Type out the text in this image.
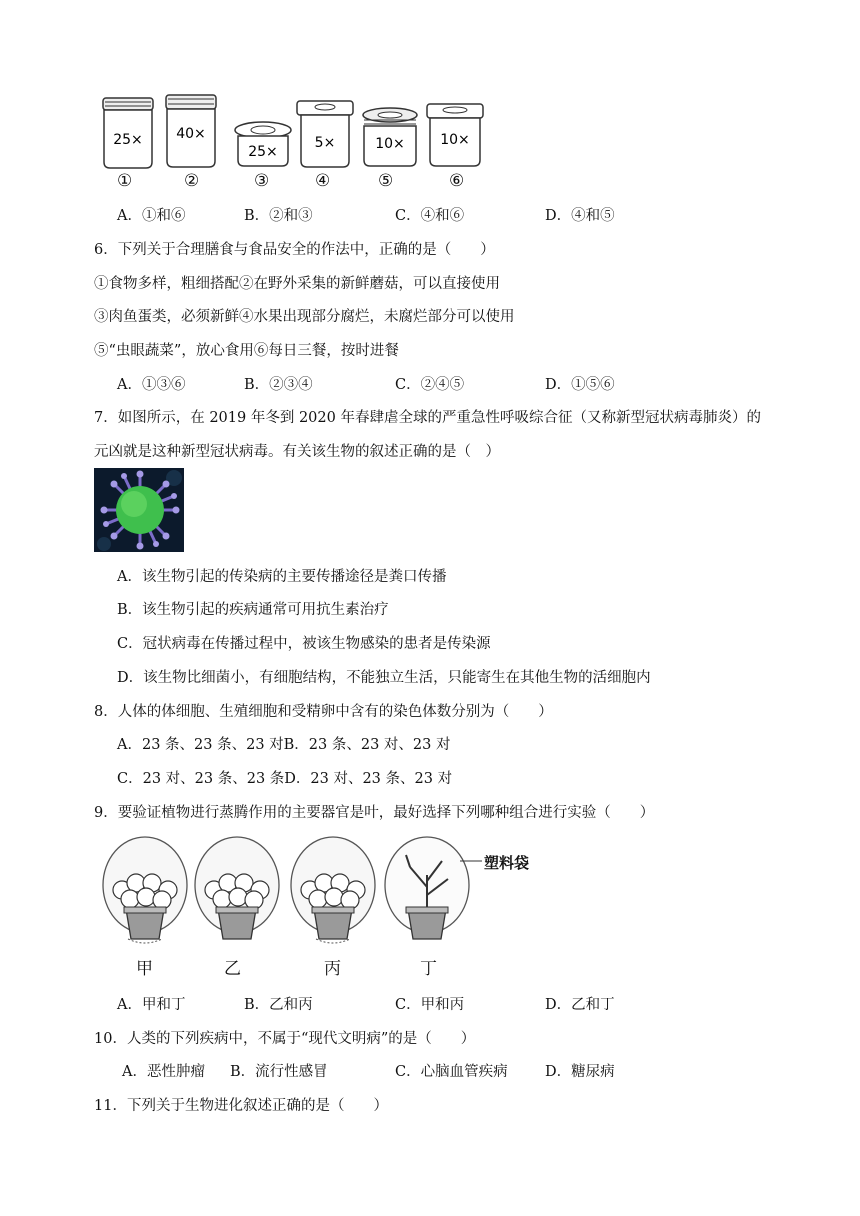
25× 40×
25×
5×	10×	10×
①	②	③	④	⑤	⑥
A．①和⑥	B．②和③	C．④和⑥	D．④和⑤
6．下列关于合理膳食与食品安全的作法中，正确的是（　　）
①食物多样，粗细搭配②在野外采集的新鲜蘑菇，可以直接使用
③肉鱼蛋类，必须新鲜④水果出现部分腐烂，未腐烂部分可以使用
⑤“虫眼蔬菜”，放心食用⑥每日三餐，按时进餐
A．①③⑥	B．②③④	C．②④⑤	D．①⑤⑥
7．如图所示，在 2019 年冬到 2020 年春肆虐全球的严重急性呼吸综合征（又称新型冠状病毒肺炎）的
元凶就是这种新型冠状病毒。有关该生物的叙述正确的是（　）
A．该生物引起的传染病的主要传播途径是粪口传播
B．该生物引起的疾病通常可用抗生素治疗
C．冠状病毒在传播过程中，被该生物感染的患者是传染源
D．该生物比细菌小，有细胞结构，不能独立生活，只能寄生在其他生物的活细胞内
8．人体的体细胞、生殖细胞和受精卵中含有的染色体数分别为（　　）
A．23 条、23 条、23 对B．23 条、23 对、23 对
C．23 对、23 条、23 条D．23 对、23 条、23 对
9．要验证植物进行蒸腾作用的主要器官是叶，最好选择下列哪种组合进行实验（　　）
塑料袋
甲	乙	丙	丁
A．甲和丁	B．乙和丙	C．甲和丙	D．乙和丁
10．人类的下列疾病中，不属于“现代文明病”的是（　　）
A．恶性肿瘤 B．流行性感冒	C．心脑血管疾病	D．糖尿病
11．下列关于生物进化叙述正确的是（　　）
